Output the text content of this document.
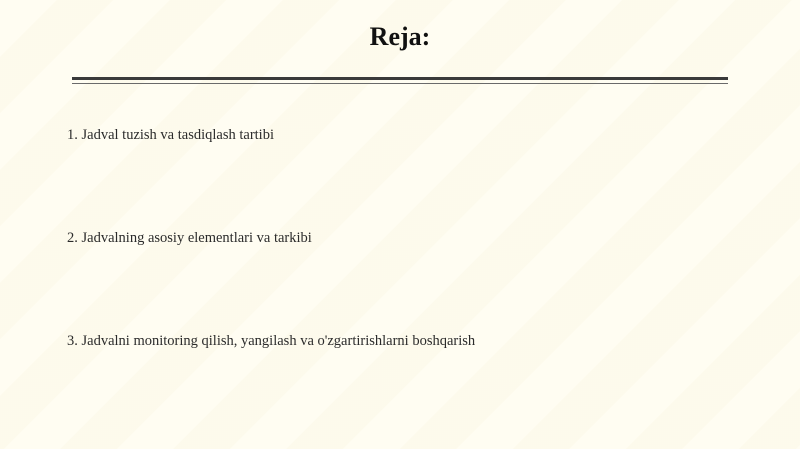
Reja:
1. Jadval tuzish va tasdiqlash tartibi
2. Jadvalning asosiy elementlari va tarkibi
3. Jadvalni monitoring qilish, yangilash va o'zgartirishlarni boshqarish
